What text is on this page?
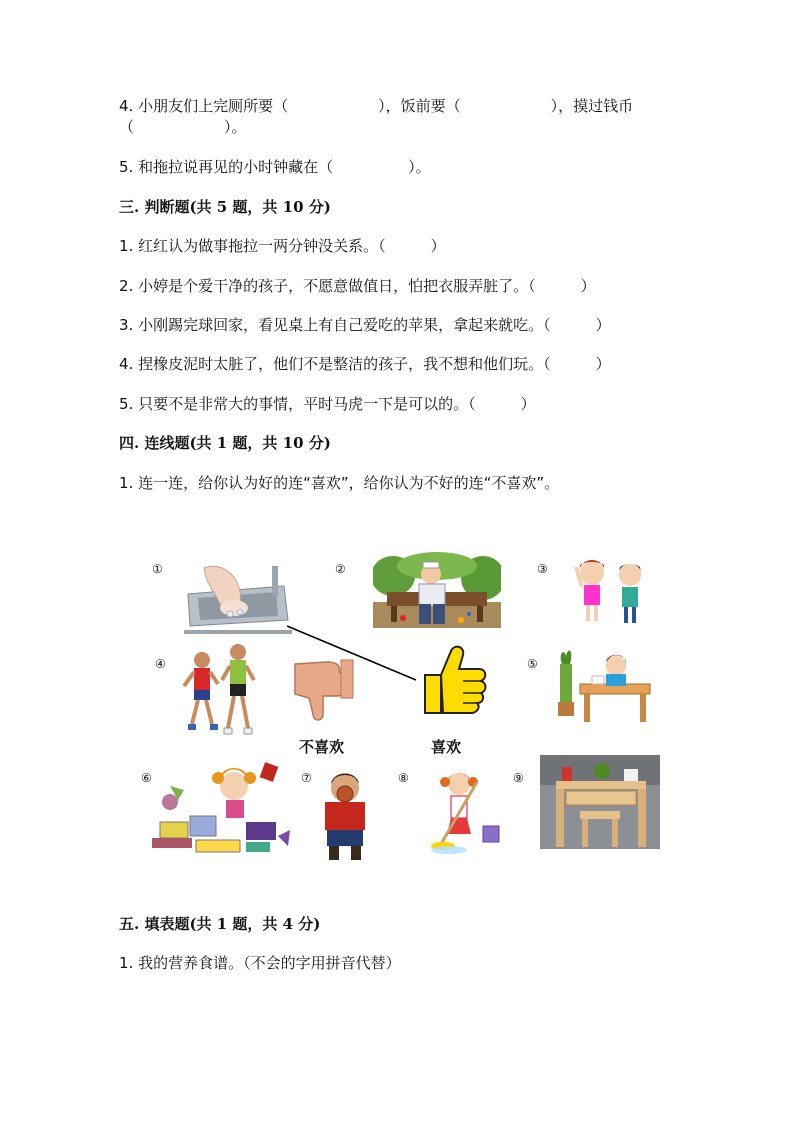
4. 小朋友们上完厕所要（　　　　　　），饭前要（　　　　　　），摸过钱币
（　　　　　　）。
5. 和拖拉说再见的小时钟藏在（　　　　　）。
三. 判断题(共 5 题，共 10 分)
1. 红红认为做事拖拉一两分钟没关系。（　　　）
2. 小婷是个爱干净的孩子，不愿意做值日，怕把衣服弄脏了。（　　　）
3. 小刚踢完球回家，看见桌上有自己爱吃的苹果，拿起来就吃。（　　　）
4. 捏橡皮泥时太脏了，他们不是整洁的孩子，我不想和他们玩。（　　　）
5. 只要不是非常大的事情，平时马虎一下是可以的。（　　　）
四. 连线题(共 1 题，共 10 分)
1. 连一连，给你认为好的连“喜欢”，给你认为不好的连“不喜欢”。
①	②	③
④	⑤
⑥	⑦	⑧	⑨
不喜欢	喜欢
五. 填表题(共 1 题，共 4 分)
1. 我的营养食谱。（不会的字用拼音代替）
